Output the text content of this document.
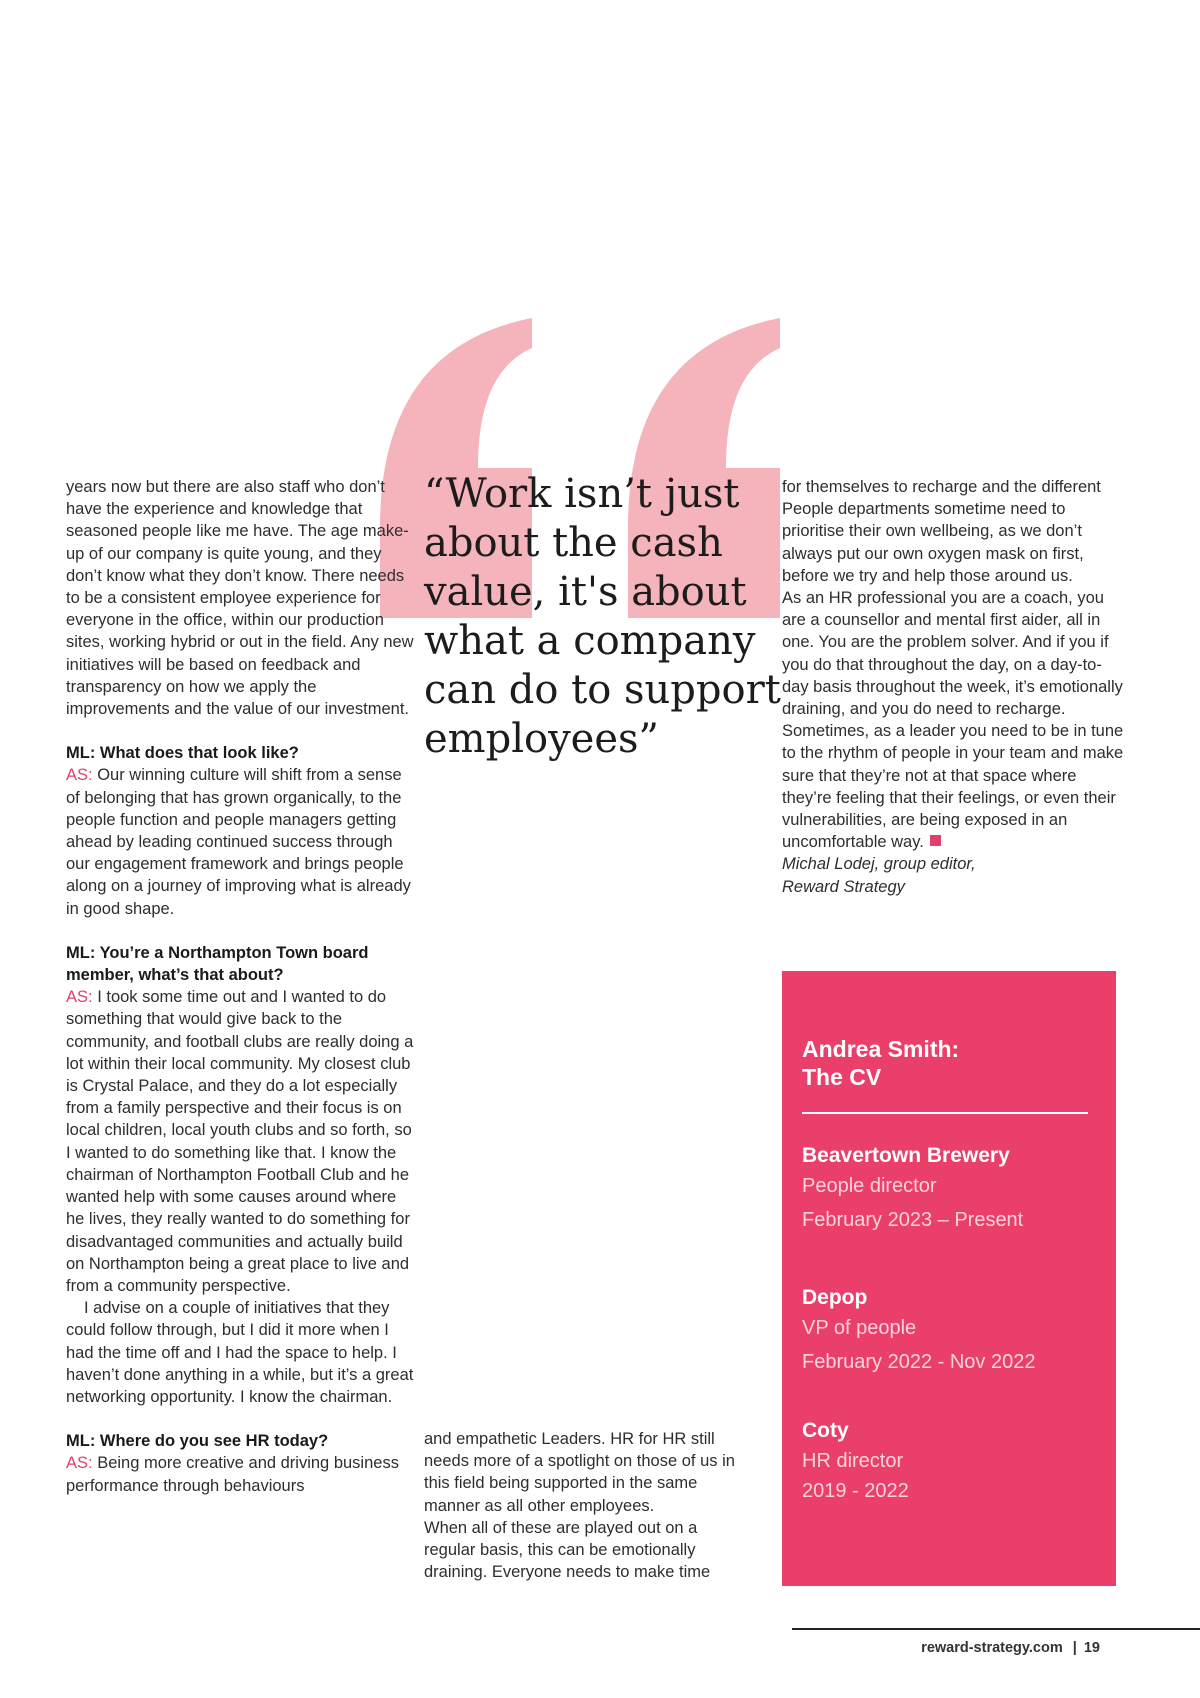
years now but there are also staff who don’t have the experience and knowledge that seasoned people like me have. The age make-up of our company is quite young, and they don’t know what they don’t know. There needs to be a consistent employee experience for everyone in the office, within our production sites, working hybrid or out in the field. Any new initiatives will be based on feedback and transparency on how we apply the improvements and the value of our investment.

ML: What does that look like?

AS: Our winning culture will shift from a sense of belonging that has grown organically, to the people function and people managers getting ahead by leading continued success through our engagement framework and brings people along on a journey of improving what is already in good shape.

ML: You’re a Northampton Town board member, what’s that about?

AS: I took some time out and I wanted to do something that would give back to the community, and football clubs are really doing a lot within their local community. My closest club is Crystal Palace, and they do a lot especially from a family perspective and their focus is on local children, local youth clubs and so forth, so I wanted to do something like that. I know the chairman of Northampton Football Club and he wanted help with some causes around where he lives, they really wanted to do something for disadvantaged communities and actually build on Northampton being a great place to live and from a community perspective.

I advise on a couple of initiatives that they could follow through, but I did it more when I had the time off and I had the space to help. I haven’t done anything in a while, but it’s a great networking opportunity. I know the chairman.

ML: Where do you see HR today?

AS: Being more creative and driving business performance through behaviours

“Work isn’t just about the cash value, it's about what a company can do to support employees”

and empathetic Leaders. HR for HR still needs more of a spotlight on those of us in this field being supported in the same manner as all other employees.

When all of these are played out on a regular basis, this can be emotionally draining. Everyone needs to make time

for themselves to recharge and the different People departments sometime need to prioritise their own wellbeing, as we don’t always put our own oxygen mask on first, before we try and help those around us.

As an HR professional you are a coach, you are a counsellor and mental first aider, all in one. You are the problem solver. And if you if you do that throughout the day, on a day-to-day basis throughout the week, it’s emotionally draining, and you do need to recharge.

Sometimes, as a leader you need to be in tune to the rhythm of people in your team and make sure that they’re not at that space where they’re feeling that their feelings, or even their vulnerabilities, are being exposed in an uncomfortable way.

Michal Lodej, group editor,

Reward Strategy

Andrea Smith:
The CV
Beavertown Brewery
People director
February 2023 – Present
Depop
VP of people
February 2022 - Nov 2022
Coty
HR director
2019 - 2022
reward-strategy.com | 19
